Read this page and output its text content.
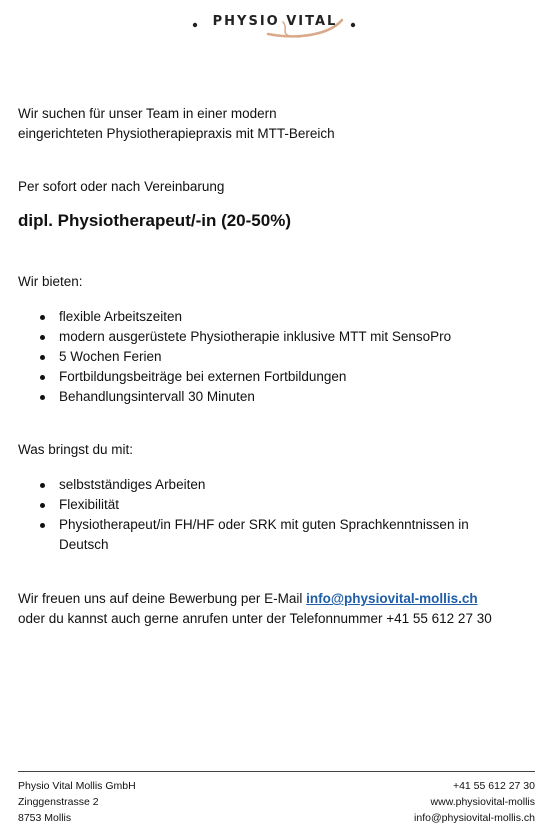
PHYSIO VITAL

Wir suchen für unser Team in einer modern

eingerichteten Physiotherapiepraxis mit MTT-Bereich

Per sofort oder nach Vereinbarung

dipl. Physiotherapeut/-in (20-50%)

Wir bieten:

flexible Arbeitszeiten
modern ausgerüstete Physiotherapie inklusive MTT mit SensoPro
5 Wochen Ferien
Fortbildungsbeiträge bei externen Fortbildungen
Behandlungsintervall 30 Minuten

Was bringst du mit:

selbstständiges Arbeiten
Flexibilität
Physiotherapeut/in FH/HF oder SRK mit guten Sprachkenntnissen in
Deutsch

Wir freuen uns auf deine Bewerbung per E-Mail info@physiovital-mollis.ch

oder du kannst auch gerne anrufen unter der Telefonnummer +41 55 612 27 30

Physio Vital Mollis GmbH
Zinggenstrasse 2
8753 Mollis
+41 55 612 27 30
www.physiovital-mollis
info@physiovital-mollis.ch
